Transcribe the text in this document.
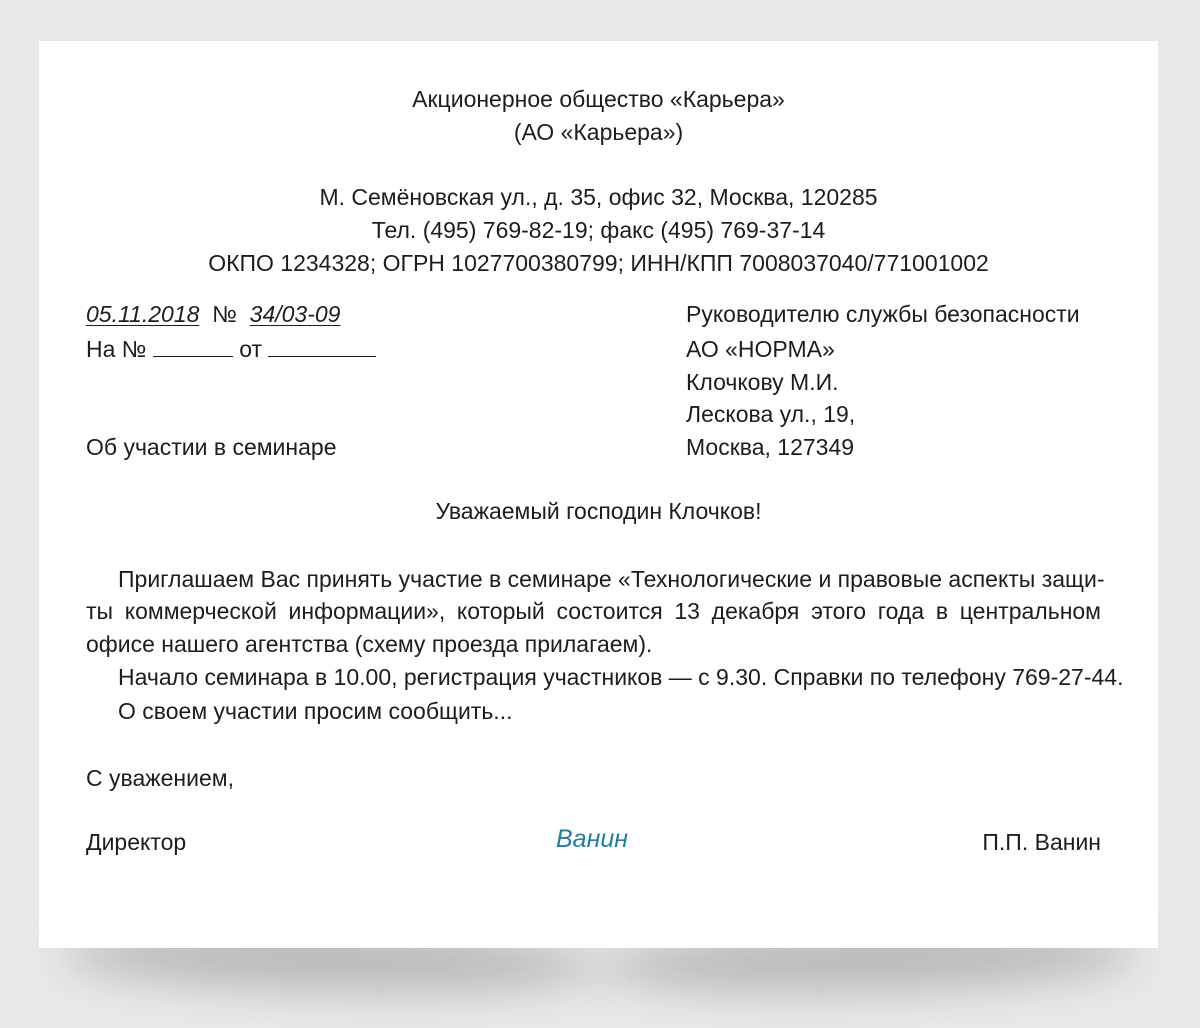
Акционерное общество «Карьера»
(АО «Карьера»)
М. Семёновская ул., д. 35, офис 32, Москва, 120285
Тел. (495) 769-82-19; факс (495) 769-37-14
ОКПО 1234328; ОГРН 1027700380799; ИНН/КПП 7008037040/771001002
05.11.2018 № 34/03-09
На №	от
Об участии в семинаре
Руководителю службы безопасности
АО «НОРМА»
Клочкову М.И.
Лескова ул., 19,
Москва, 127349
Уважаемый господин Клочков!
Приглашаем Вас принять участие в семинаре «Технологические и правовые аспекты защи-
ты коммерческой информации», который состоится 13 декабря этого года в центральном
офисе нашего агентства (схему проезда прилагаем).
Начало семинара в 10.00, регистрация участников — с 9.30. Справки по телефону 769-27-44.
О своем участии просим сообщить...
С уважением,
Директор	Ванин	П.П. Ванин
